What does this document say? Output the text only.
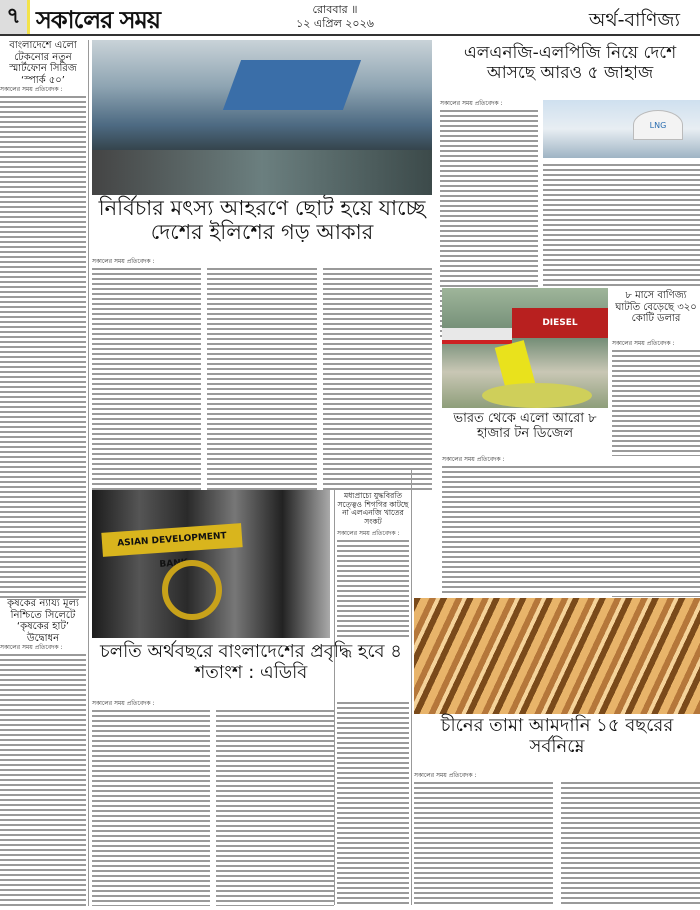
৭ সকালের সময়	রোববার ॥
১২ এপ্রিল ২০২৬	অর্থ-বাণিজ্য
বাংলাদেশে এলো টেকনোর নতুন স্মার্টফোন সিরিজ ‘স্পার্ক ৫০’
সকালের সময় প্রতিবেদক :
কৃষকের ন্যায্য মূল্য নিশ্চিতে সিলেটে ‘কৃষকের হাট’ উদ্বোধন
সকালের সময় প্রতিবেদক :
নির্বিচার মৎস্য আহরণে ছোট হয়ে যাচ্ছে দেশের ইলিশের গড় আকার
সকালের সময় প্রতিবেদক :
এলএনজি-এলপিজি নিয়ে দেশে আসছে আরও ৫ জাহাজ
LNG
সকালের সময় প্রতিবেদক :
৮ মাসে বাণিজ্য ঘাটতি বেড়েছে ৩২০ কোটি ডলার
সকালের সময় প্রতিবেদক :
DIESEL
ভারত থেকে এলো আরো ৮ হাজার টন ডিজেল
সকালের সময় প্রতিবেদক :
ASIAN DEVELOPMENT BANK
চলতি অর্থবছরে বাংলাদেশের প্রবৃদ্ধি হবে ৪ শতাংশ : এডিবি
সকালের সময় প্রতিবেদক :
মধ্যপ্রাচ্যে যুদ্ধবিরতি সত্ত্বেও শিগগির কাটছে না এলএনজি খাতের সংকট
সকালের সময় প্রতিবেদক :
চীনের তামা আমদানি ১৫ বছরের সর্বনিম্নে
সকালের সময় প্রতিবেদক :
